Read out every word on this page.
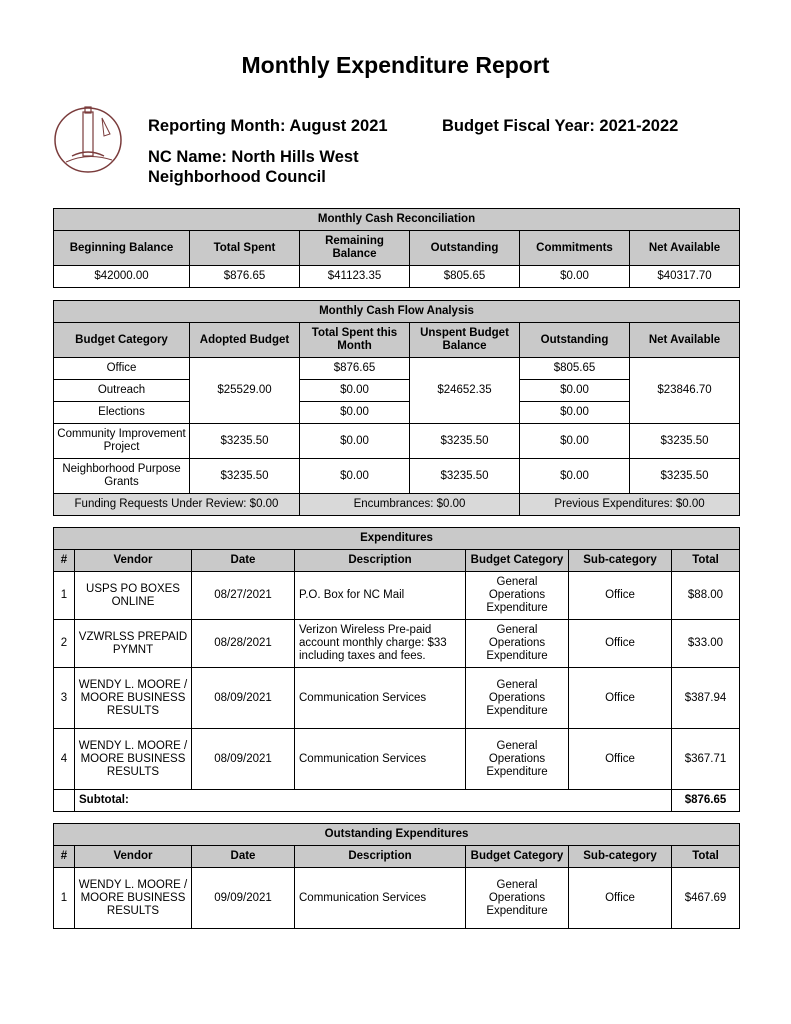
Monthly Expenditure Report
Reporting Month: August 2021	Budget Fiscal Year: 2021-2022
NC Name: North Hills West
Neighborhood Council
Monthly Cash Reconciliation					
Beginning Balance	Total Spent	Remaining Balance	Outstanding	Commitments	Net Available
$42000.00	$876.65	$41123.35	$805.65	$0.00	$40317.70
Monthly Cash Flow Analysis					
Budget Category	Adopted Budget	Total Spent this Month	Unspent Budget Balance	Outstanding	Net Available
Office	$25529.00	$876.65	$24652.35	$805.65	$23846.70
Outreach		$0.00		$0.00	
Elections		$0.00		$0.00	
Community Improvement Project	$3235.50	$0.00	$3235.50	$0.00	$3235.50
Neighborhood Purpose Grants	$3235.50	$0.00	$3235.50	$0.00	$3235.50
Funding Requests Under Review: $0.00		Encumbrances: $0.00		Previous Expenditures: $0.00	
Expenditures						
#	Vendor	Date	Description	Budget Category	Sub-category	Total
1	USPS PO BOXES ONLINE	08/27/2021	P.O. Box for NC Mail	General Operations Expenditure	Office	$88.00
2	VZWRLSS PREPAID PYMNT	08/28/2021	Verizon Wireless Pre-paid account monthly charge: $33 including taxes and fees.	General Operations Expenditure	Office	$33.00
3	WENDY L. MOORE / MOORE BUSINESS RESULTS	08/09/2021	Communication Services	General Operations Expenditure	Office	$387.94
4	WENDY L. MOORE / MOORE BUSINESS RESULTS	08/09/2021	Communication Services	General Operations Expenditure	Office	$367.71
	Subtotal:					$876.65
Outstanding Expenditures						
#	Vendor	Date	Description	Budget Category	Sub-category	Total
1	WENDY L. MOORE / MOORE BUSINESS RESULTS	09/09/2021	Communication Services	General Operations Expenditure	Office	$467.69
